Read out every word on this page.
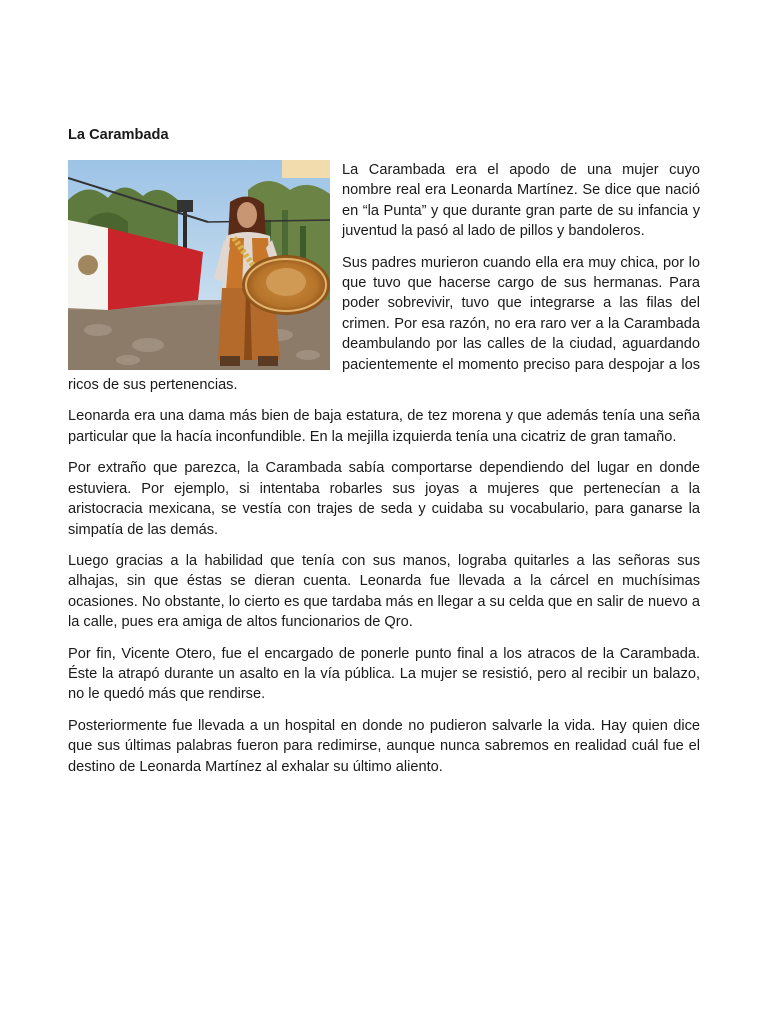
La Carambada

La Carambada era el apodo de una mujer cuyo nombre real era Leonarda Martínez. Se dice que nació en “la Punta” y que durante gran parte de su infancia y juventud la pasó al lado de pillos y bandoleros.

Sus padres murieron cuando ella era muy chica, por lo que tuvo que hacerse cargo de sus hermanas. Para poder sobrevivir, tuvo que integrarse a las filas del crimen. Por esa razón, no era raro ver a la Carambada deambulando por las calles de la ciudad, aguardando pacientemente el momento preciso para despojar a los ricos de sus pertenencias.

Leonarda era una dama más bien de baja estatura, de tez morena y que además tenía una seña particular que la hacía inconfundible. En la mejilla izquierda tenía una cicatriz de gran tamaño.

Por extraño que parezca, la Carambada sabía comportarse dependiendo del lugar en donde estuviera. Por ejemplo, si intentaba robarles sus joyas a mujeres que pertenecían a la aristocracia mexicana, se vestía con trajes de seda y cuidaba su vocabulario, para ganarse la simpatía de las demás.

Luego gracias a la habilidad que tenía con sus manos, lograba quitarles a las señoras sus alhajas, sin que éstas se dieran cuenta. Leonarda fue llevada a la cárcel en muchísimas ocasiones. No obstante, lo cierto es que tardaba más en llegar a su celda que en salir de nuevo a la calle, pues era amiga de altos funcionarios de Qro.

Por fin, Vicente Otero, fue el encargado de ponerle punto final a los atracos de la Carambada. Éste la atrapó durante un asalto en la vía pública. La mujer se resistió, pero al recibir un balazo, no le quedó más que rendirse.

Posteriormente fue llevada a un hospital en donde no pudieron salvarle la vida. Hay quien dice que sus últimas palabras fueron para redimirse, aunque nunca sabremos en realidad cuál fue el destino de Leonarda Martínez al exhalar su último aliento.
